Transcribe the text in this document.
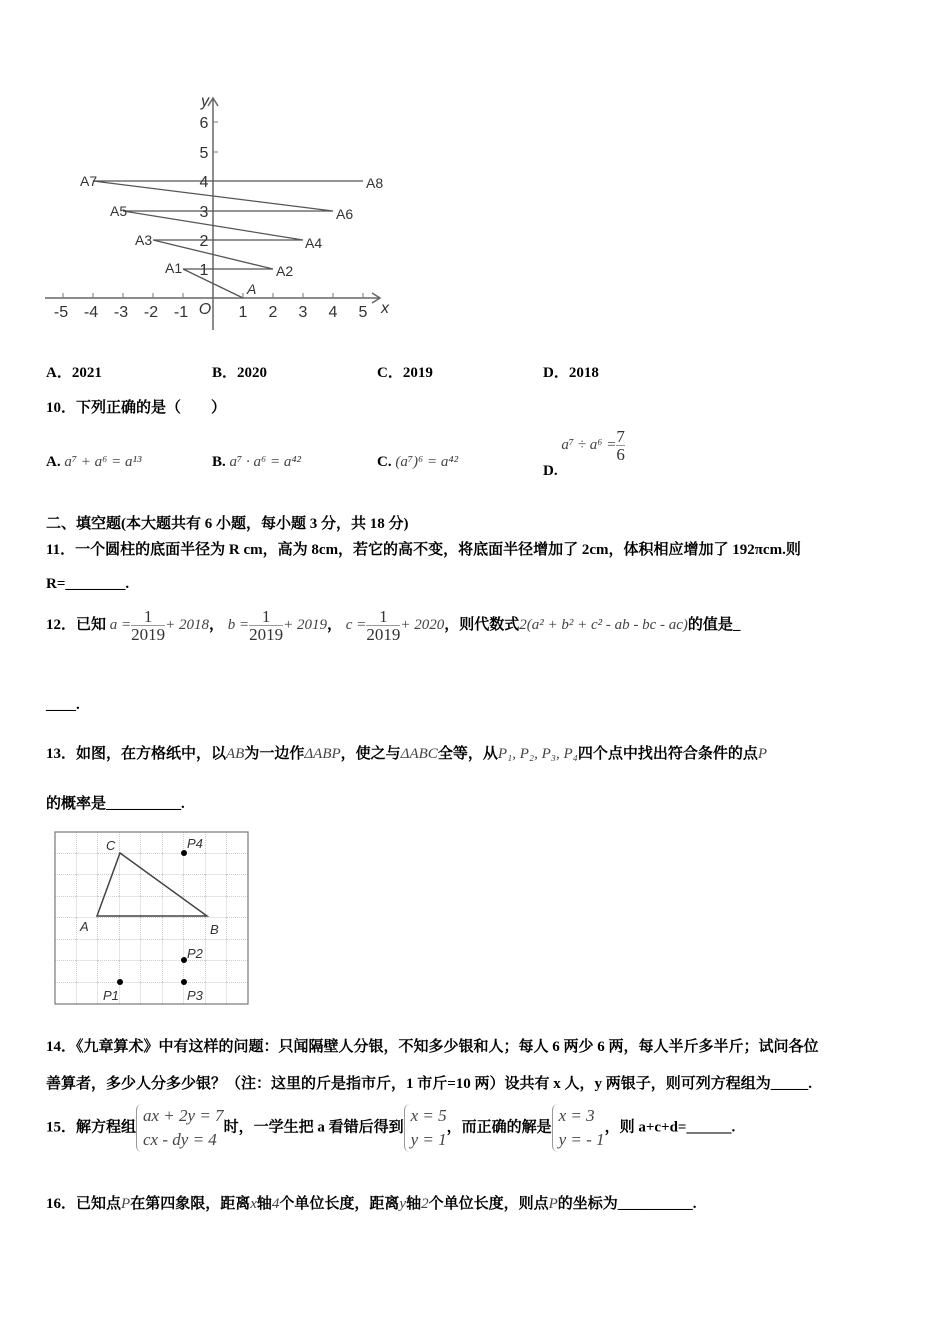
-5 -4 -3 -2 -1	1 2 3 4 5
1
2
3
4
5
6
O	x
y
A
A1	A2
A3	A4
A5	A6
A7	A8
A．2021	B．2020	C．2019	D．2018
10．下列正确的是（　　）
A. a⁷ + a⁶ = a¹³	B. a⁷ · a⁶ = a⁴²	C. (a⁷)⁶ = a⁴²
D. $a^7 \div a^6 = \frac{7}{6}$
二、填空题(本大题共有 6 小题，每小题 3 分，共 18 分)
11．一个圆柱的底面半径为 R cm，高为 8cm，若它的高不变，将底面半径增加了 2cm，体积相应增加了 192πcm.则
R=________.
12．已知 $a = \frac{1}{2019} + 2018$， $b = \frac{1}{2019} + 2019$， $c = \frac{1}{2019} + 2020$，则代数式2(a² + b² + c² - ab - bc - ac)的值是_
____.
13．如图，在方格纸中，以AB为一边作ΔABP，使之与ΔABC全等，从P₁, P₂, P₃, P₄四个点中找出符合条件的点P
的概率是__________.
C
A	B
P4
P2
P1	P3
14．《九章算术》中有这样的问题：只闻隔壁人分银，不知多少银和人；每人 6 两少 6 两，每人半斤多半斤；试问各位
善算者，多少人分多少银？（注：这里的斤是指市斤，1 市斤=10 两）设共有 x 人，y 两银子，则可列方程组为_____.
15．解方程组
ax + 2y = 7
cx - dy = 4
时，一学生把 a 看错后得到
x = 5
y = 1
，而正确的解是
x = 3
y = - 1
，则 a+c+d=______.
16．已知点P在第四象限，距离x轴4个单位长度，距离y轴2个单位长度，则点P的坐标为__________.
